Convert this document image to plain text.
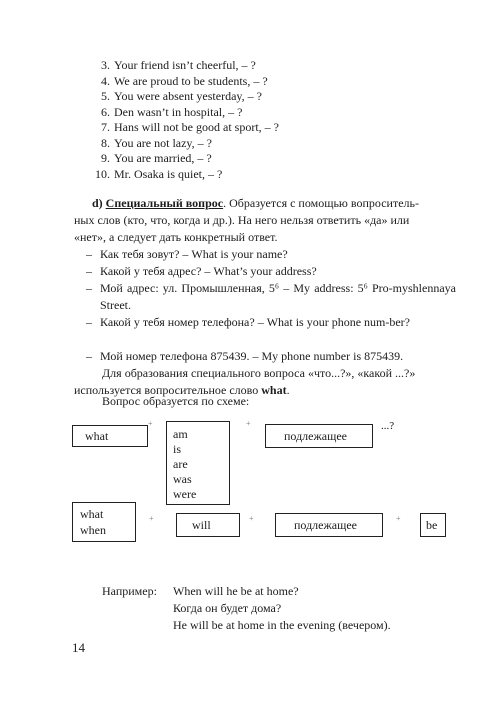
3. Your friend isn’t cheerful, – ?
4. We are proud to be students, – ?
5. You were absent yesterday, – ?
6. Den wasn’t in hospital, – ?
7. Hans will not be good at sport, – ?
8. You are not lazy, – ?
9. You are married, – ?
10. Mr. Osaka is quiet, – ?

d) Специальный вопрос. Образуется с помощью вопроситель-
ных слов (кто, что, когда и др.). На него нельзя ответить «да» или
«нет», а следует дать конкретный ответ.

– Как тебя зовут? – What is your name?

– Какой у тебя адрес? – What’s your address?

– Мой адрес: ул. Промышленная, 5⁶ – My address: 5⁶ Pro-myshlennaya Street.

– Какой у тебя номер телефона? – What is your phone num-ber?

– Мой номер телефона 875439. – My phone number is 875439.

Для образования специального вопроса «что...?», «какой ...?»
используется вопросительное слово what.

Вопрос образуется по схеме:
what
+
am
is
are
was
were
+
подлежащее
...?
what
when
+	will	+	подлежащее	+ be
Например: When will he be at home?
Когда он будет дома?
He will be at home in the evening (вечером).
14
